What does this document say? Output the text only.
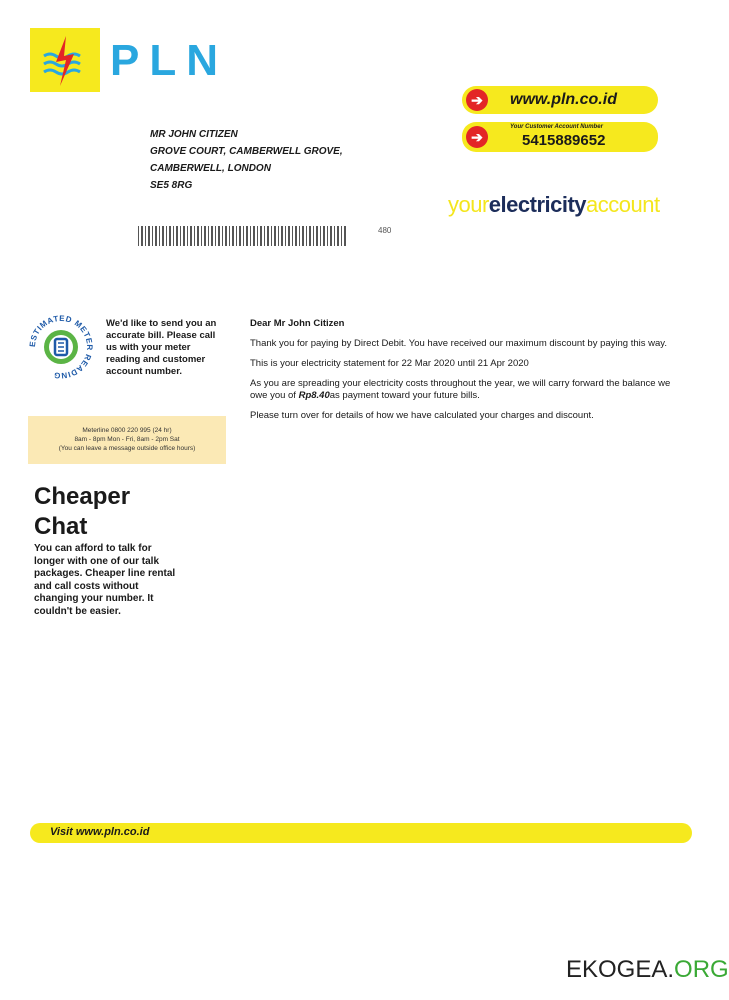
PLN
➔	www.pln.co.id
➔
Your Customer Account Number
5415889652
MR JOHN CITIZEN
GROVE COURT, CAMBERWELL GROVE,
CAMBERWELL, LONDON
SE5 8RG
yourelectricityaccount
480
ESTIMATED METER READING
We'd like to send you an accurate bill. Please call us with your meter reading and customer account number.
Meterline 0800 220 995 (24 hr)
8am - 8pm Mon - Fri, 8am - 2pm Sat
(You can leave a message outside office hours)

Dear Mr John Citizen

Thank you for paying by Direct Debit. You have received our maximum discount by paying this way.

This is your electricity statement for 22 Mar 2020 until 21 Apr 2020

As you are spreading your electricity costs throughout the year, we will carry forward the balance we owe you of Rp8.40as payment toward your future bills.

Please turn over for details of how we have calculated your charges and discount.

Cheaper
Chat
You can afford to talk for longer with one of our talk packages. Cheaper line rental and call costs without changing your number. It couldn't be easier.
Visit www.pln.co.id
EKOGEA.ORG
